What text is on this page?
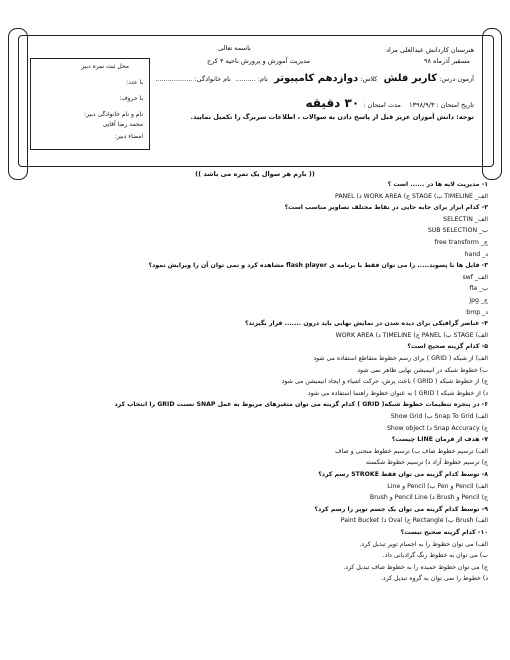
هنرستان کاردانش عبدالعلی مراد
باسمه تعالی
مسقبر آذرماه ۹۸
مدیریت آموزش و پرورش ناحیه ۴ کرج
آزمون درس: کاربر فلش   کلاس: دوازدهم کامپیوتر   نام: ..........  نام خانوادگی: ..................
تاریخ امتحان : ۱۳۹۸/۹/۳    مدت امتحان :  ۳۰ دقیقه
توجه: دانش آموزان عزیز قبل از پاسخ دادن به سوالات ، اطلاعات سربرگ را تکمیل نمایید.
محل ثبت نمره دبیر
با عدد:
با حروف:
نام و نام خانوادگی دبیر:
محمد رضا آقایی
امضاء دبیر:
(( بارم هر سوال یک نمره می باشد ))
۱- مدیریت لایه ها در ...... است ؟
الف_ TIMELINE ب) STAGE ج) WORK AREA د) PANEL
۲- کدام ابزار برای جابه جایی در نقاط مختلف تصاویر مناسب است؟
الف_ SELECTIN
ب_ SUB SELECTION
ج_ free transform
د_ hand
۳- فایل ها با پسوند..... را می توان فقط با برنامه ی flash player مشاهده کرد و نمی توان آن را ویرایش نمود؟
الف_ swf
ب_ fla
ج_ jpg
د_ bmp
۴- عناصر گرافیکی برای دیده شدن در نمایش نهایی باید درون ....... قرار بگیرند؟
الف) STAGE ب) PANEL ج) TIMELINE د) WORK AREA
۵- کدام گزینه صحیح است؟
الف) از شبکه ( GRID ) برای رسم خطوط متقاطع استفاده می شود
ب) خطوط شبکه در انیمیشن نهایی ظاهر نمی شود
ج) از خطوط شبکه ( GRID ) باعث پرش، حرکت اشیاء و ایجاد انیمیشن می شود
د) از خطوط شبکه ( GRID ) به عنوان خطوط راهنما استفاده می شود
۶- در پنجره تنظیمات خطوط شبکه( GRID ) کدام گزینه می توان متغیرهای مربوط به عمل SNAP نسبت GRID را انتخاب کرد
الف) Snap To Grid ب) Show Grid
ج) Snap Accuracy د) Show object
۷- هدف از فرمان LINE چیست؟
الف) ترسیم خطوط صاف ب) ترسیم خطوط منحنی و صاف
ج) ترسیم خطوط آزاد د) ترسیم خطوط شکسته
۸- توسط کدام گزینه می توان فقط STROKE رسم کرد؟
الف) Pencil و Pen ب) Pencil و Line
ج) Pencil و Brush د) Pencil Line و Brush
۹- توسط کدام گزینه می توان یک جسم توپر را رسم کرد؟
الف) Brush ب) Rectangle ج) Oval د) Paint Bucket
۱۰- کدام گزینه صحیح نیست؟
الف) می توان خطوط را به اجسام توپر تبدیل کرد.
ب) می توان به خطوط رنگ گرادیانی داد.
ج) می توان خطوط خمیده را به خطوط صاف تبدیل کرد.
د) خطوط را نمی توان به گروه تبدیل کرد.
